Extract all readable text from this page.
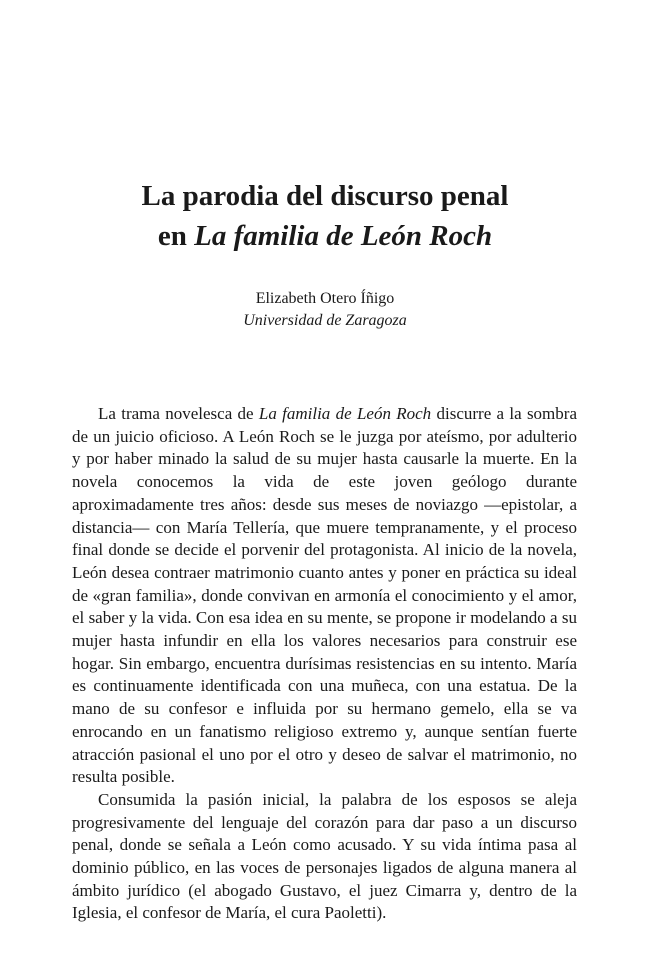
La parodia del discurso penal
en La familia de León Roch

Elizabeth Otero Íñigo

Universidad de Zaragoza

La trama novelesca de La familia de León Roch discurre a la sombra de un juicio oficioso. A León Roch se le juzga por ateísmo, por adulterio y por haber minado la salud de su mujer hasta causarle la muerte. En la novela conocemos la vida de este joven geólogo durante aproximadamente tres años: desde sus meses de noviazgo —epistolar, a distancia— con María Tellería, que muere tempranamente, y el proceso final donde se decide el porvenir del protagonista. Al inicio de la novela, León desea contraer matrimonio cuanto antes y poner en práctica su ideal de «gran familia», donde convivan en armonía el conocimiento y el amor, el saber y la vida. Con esa idea en su mente, se propone ir modelando a su mujer hasta infundir en ella los valores necesarios para construir ese hogar. Sin embargo, encuentra durísimas resistencias en su intento. María es continuamente identificada con una muñeca, con una estatua. De la mano de su confesor e influida por su hermano gemelo, ella se va enrocando en un fanatismo religioso extremo y, aunque sentían fuerte atracción pasional el uno por el otro y deseo de salvar el matrimonio, no resulta posible.

Consumida la pasión inicial, la palabra de los esposos se aleja progresivamente del lenguaje del corazón para dar paso a un discurso penal, donde se señala a León como acusado. Y su vida íntima pasa al dominio público, en las voces de personajes ligados de alguna manera al ámbito jurídico (el abogado Gustavo, el juez Cimarra y, dentro de la Iglesia, el confesor de María, el cura Paoletti).
